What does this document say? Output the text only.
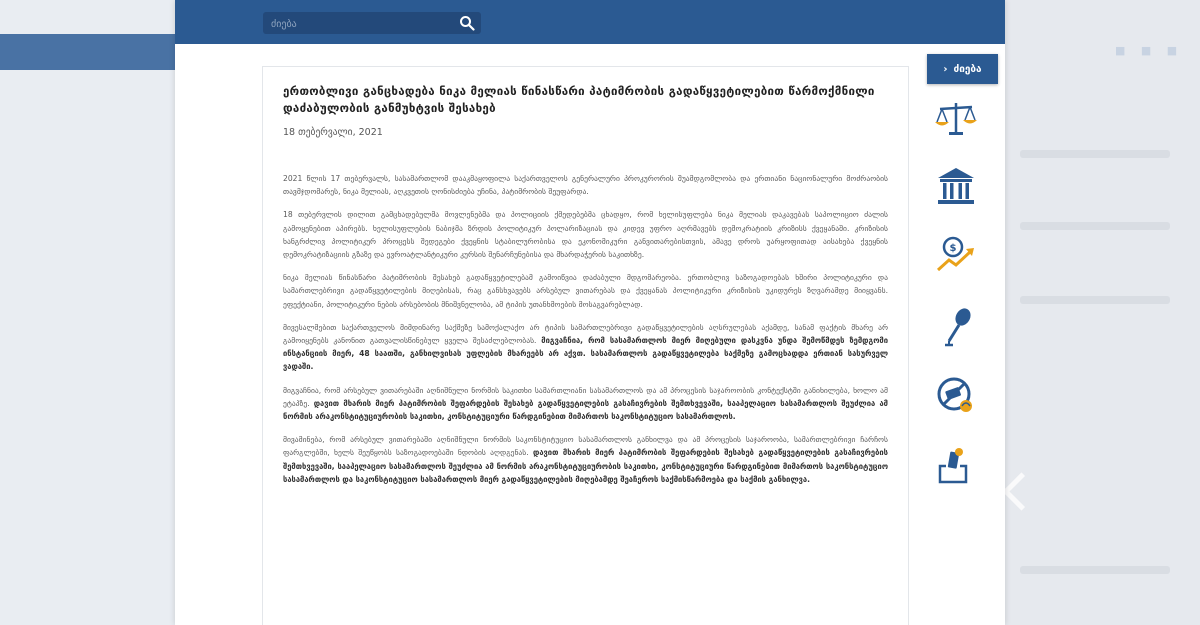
■ ■ ■
ძიება
ერთობლივი განცხადება ნიკა მელიას წინასწარი პატიმრობის გადაწყვეტილებით წარმოქმნილი დაძაბულობის განმუხტვის შესახებ
18 თებერვალი, 2021

2021 წლის 17 თებერვალს, სასამართლომ დააკმაყოფილა საქართველოს გენერალური პროკურორის შუამდგომლობა და ერთიანი ნაციონალური მოძრაობის თავმჯდომარეს, ნიკა მელიას, აღკვეთის ღონისძიება უჩინა, პატიმრობის შეუფარდა.

18 თებერვლის დილით გამცხადებულმა მოვლენებმა და პოლიციის ქმედებებმა ცხადყო, რომ ხელისუფლება ნიკა მელიას დაკავებას საპოლიციო ძალის გამოყენებით აპირებს. ხელისუფლების ნაბიჯმა ზრდის პოლიტიკურ პოლარიზაციას და კიდევ უფრო აღრმავებს დემოკრატიის კრიზისს ქვეყანაში. კრიზისის ხანგრძლივ პოლიტიკურ პროცესს შედეგები ქვეყნის სტაბილურობისა და ეკონომიკური განვითარებისთვის, ამავე დროს უარყოფითად აისახება ქვეყნის დემოკრატიზაციის გზაზე და ევროატლანტიკური კურსის შენარჩუნებისა და მხარდაჭერის საკითხზე.

ნიკა მელიას წინასწარი პატიმრობის შესახებ გადაწყვეტილებამ გამოიწვია დაძაბული მდგომარეობა. ერთობლივ საზოგადოებას ხშირი პოლიტიკური და სამართლებრივი გადაწყვეტილების მიღებისას, რაც განსხვავებს არსებულ ვითარებას და ქვეყანას პოლიტიკური კრიზისის უკიდურეს ზღვარამდე მიიყვანს. ეფექტიანი, პოლიტიკური ნების არსებობის მნიშვნელობა, ამ ტიპის უთანხმოების მოსაგვარებლად.

მივესალმებით საქართველოს მიმდინარე საქმეზე სამოქალაქო არ ტიპის სამართლებრივი გადაწყვეტილების აღსრულებას აქამდე, სანამ ფაქტის მხარე არ გამოიყენებს კანონით გათვალისწინებულ ყველა შესაძლებლობას. მიგვაჩნია, რომ სასამართლოს მიერ მიღებული დასკვნა უნდა შემოწმდეს ზემდგომი ინსტანციის მიერ, 48 საათში, განხილვისას უფლების მხარეებს არ აქვთ. სასამართლოს გადაწყვეტილება საქმეზე გამოცხადდა ერთიან სასურველ ვადაში.

მიგვაჩნია, რომ არსებულ ვითარებაში აღნიშნული ნორმის საკითხი სამართლიანი სასამართლოს და ამ პროცესის საჯაროობის კონტექსტში განიხილება, ხოლო ამ ეტაპზე. დავით მხარის მიერ პატიმრობის შეფარდების შესახებ გადაწყვეტილების გასაჩივრების შემთხვევაში, სააპელაციო სასამართლოს შეუძლია ამ ნორმის არაკონსტიტუციურობის საკითხი, კონსტიტუციური წარდგინებით მიმართოს საკონსტიტუციო სასამართლოს.

მივამინება, რომ არსებულ ვითარებაში აღნიშნული ნორმის საკონსტიტუციო სასამართლოს განხილვა და ამ პროცესის საჯაროობა, სამართლებრივი ჩარჩოს ფარგლებში, ხელს შეუწყობს საზოგადოებაში ნდობის აღდგენას. დავით მხარის მიერ პატიმრობის შეფარდების შესახებ გადაწყვეტილების გასაჩივრების შემთხვევაში, სააპელაციო სასამართლოს შეუძლია ამ ნორმის არაკონსტიტუციურობის საკითხი, კონსტიტუციური წარდგინებით მიმართოს საკონსტიტუციო სასამართლოს და საკონსტიტუციო სასამართლოს მიერ გადაწყვეტილების მიღებამდე შეაჩეროს საქმისწარმოება და საქმის განხილვა.

› ძიება
$
